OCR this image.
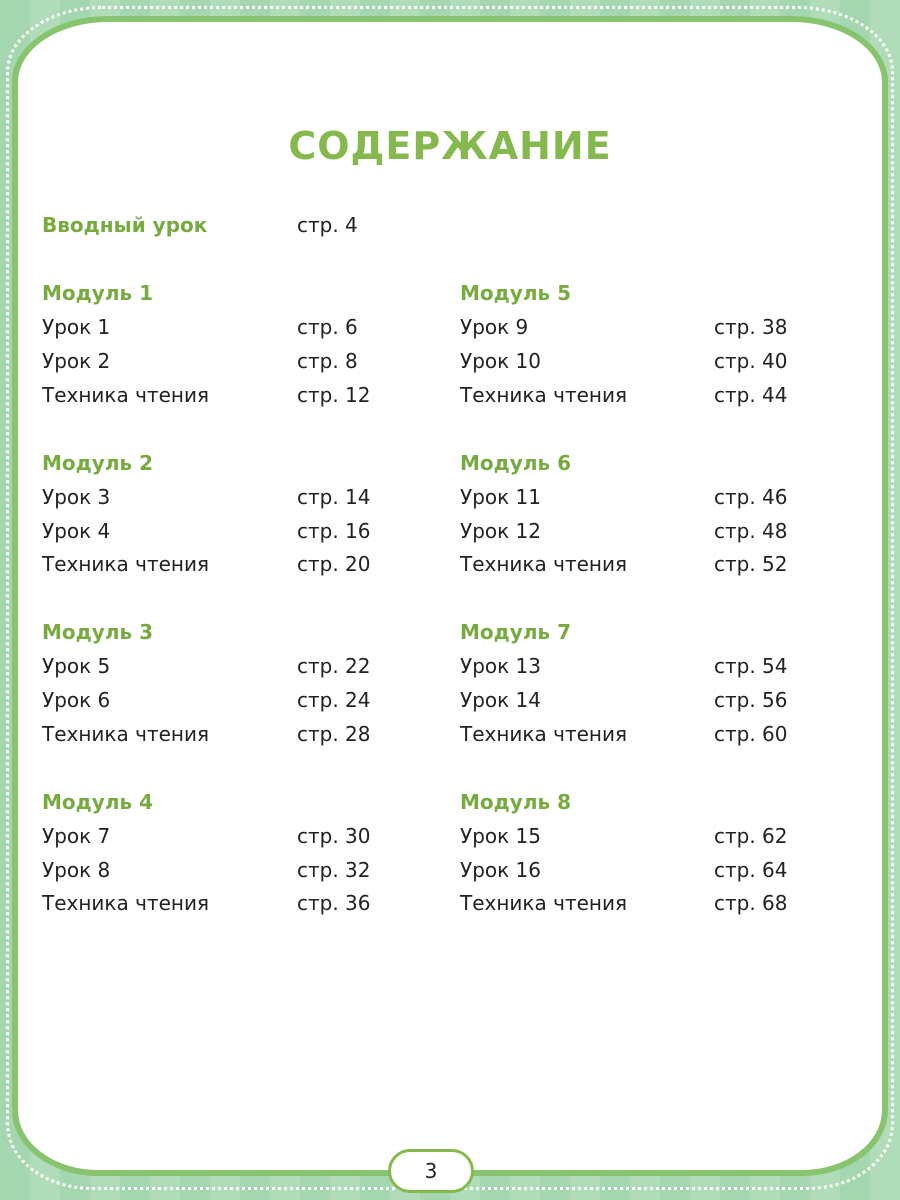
СОДЕРЖАНИЕ
Вводный урок	стр. 4
Модуль 1
Урок 1	стр. 6
Урок 2	стр. 8
Техника чтения	стр. 12
Модуль 2
Урок 3	стр. 14
Урок 4	стр. 16
Техника чтения	стр. 20
Модуль 3
Урок 5	стр. 22
Урок 6	стр. 24
Техника чтения	стр. 28
Модуль 4
Урок 7	стр. 30
Урок 8	стр. 32
Техника чтения	стр. 36
Модуль 5
Урок 9	стр. 38
Урок 10	стр. 40
Техника чтения	стр. 44
Модуль 6
Урок 11	стр. 46
Урок 12	стр. 48
Техника чтения	стр. 52
Модуль 7
Урок 13	стр. 54
Урок 14	стр. 56
Техника чтения	стр. 60
Модуль 8
Урок 15	стр. 62
Урок 16	стр. 64
Техника чтения	стр. 68
3
